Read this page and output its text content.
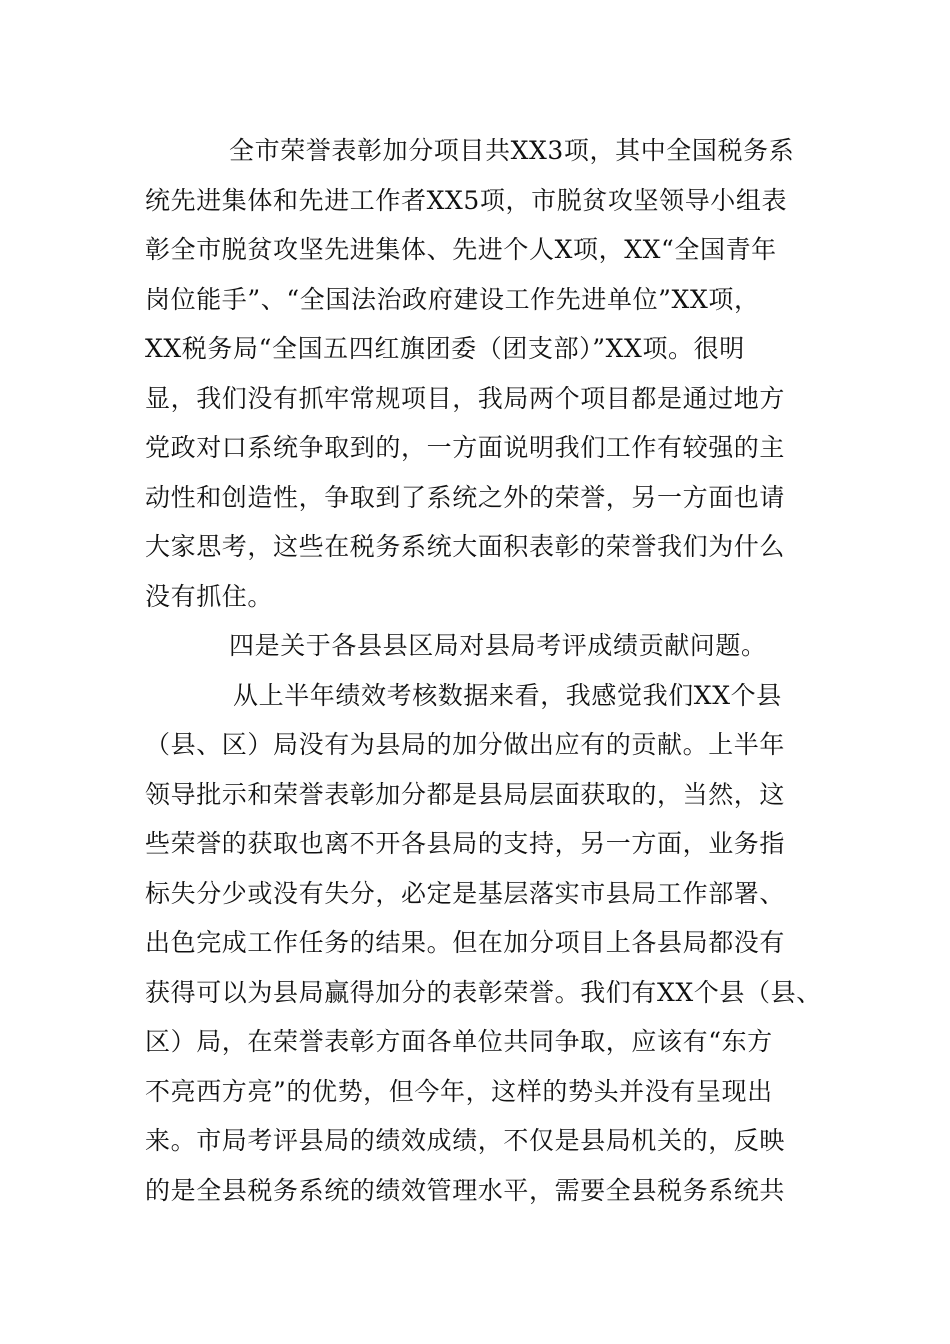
全市荣誉表彰加分项目共XX3项，其中全国税务系
统先进集体和先进工作者XX5项，市脱贫攻坚领导小组表
彰全市脱贫攻坚先进集体、先进个人X项，XX“全国青年
岗位能手”、“全国法治政府建设工作先进单位”XX项，
XX税务局“全国五四红旗团委（团支部）”XX项。很明
显，我们没有抓牢常规项目，我局两个项目都是通过地方
党政对口系统争取到的，一方面说明我们工作有较强的主
动性和创造性，争取到了系统之外的荣誉，另一方面也请
大家思考，这些在税务系统大面积表彰的荣誉我们为什么
没有抓住。
四是关于各县县区局对县局考评成绩贡献问题。
从上半年绩效考核数据来看，我感觉我们XX个县
（县、区）局没有为县局的加分做出应有的贡献。上半年
领导批示和荣誉表彰加分都是县局层面获取的，当然，这
些荣誉的获取也离不开各县局的支持，另一方面，业务指
标失分少或没有失分，必定是基层落实市县局工作部署、
出色完成工作任务的结果。但在加分项目上各县局都没有
获得可以为县局赢得加分的表彰荣誉。我们有XX个县（县、
区）局，在荣誉表彰方面各单位共同争取，应该有“东方
不亮西方亮”的优势，但今年，这样的势头并没有呈现出
来。市局考评县局的绩效成绩，不仅是县局机关的，反映
的是全县税务系统的绩效管理水平，需要全县税务系统共
